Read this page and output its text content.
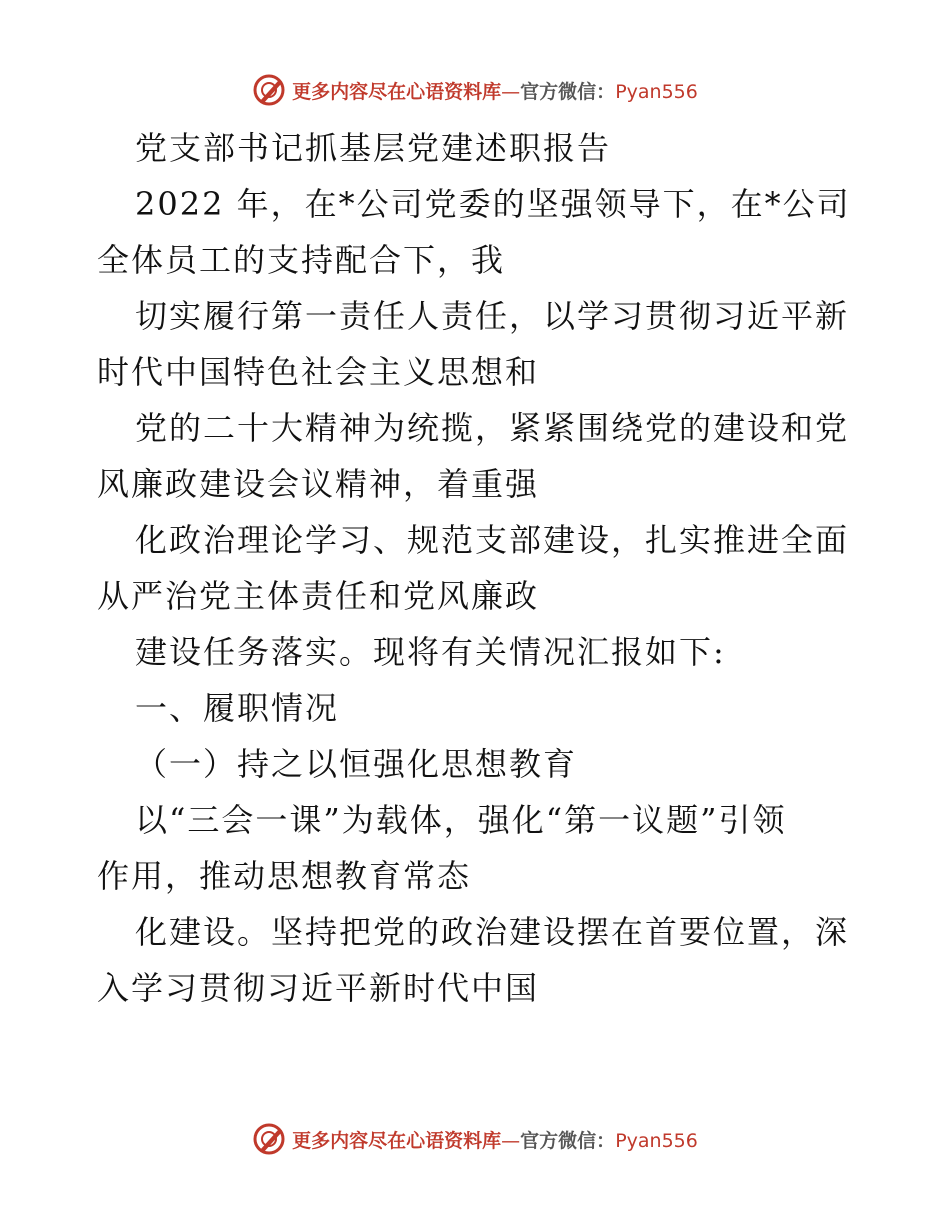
更多内容尽在心语资料库—官方微信：Pyan556
党支部书记抓基层党建述职报告
2022 年，在*公司党委的坚强领导下，在*公司
全体员工的支持配合下，我
切实履行第一责任人责任，以学习贯彻习近平新
时代中国特色社会主义思想和
党的二十大精神为统揽，紧紧围绕党的建设和党
风廉政建设会议精神，着重强
化政治理论学习、规范支部建设，扎实推进全面
从严治党主体责任和党风廉政
建设任务落实。现将有关情况汇报如下:
一、履职情况
（一）持之以恒强化思想教育
以“三会一课”为载体，强化“第一议题”引领
作用，推动思想教育常态
化建设。坚持把党的政治建设摆在首要位置，深
入学习贯彻习近平新时代中国
更多内容尽在心语资料库—官方微信：Pyan556
